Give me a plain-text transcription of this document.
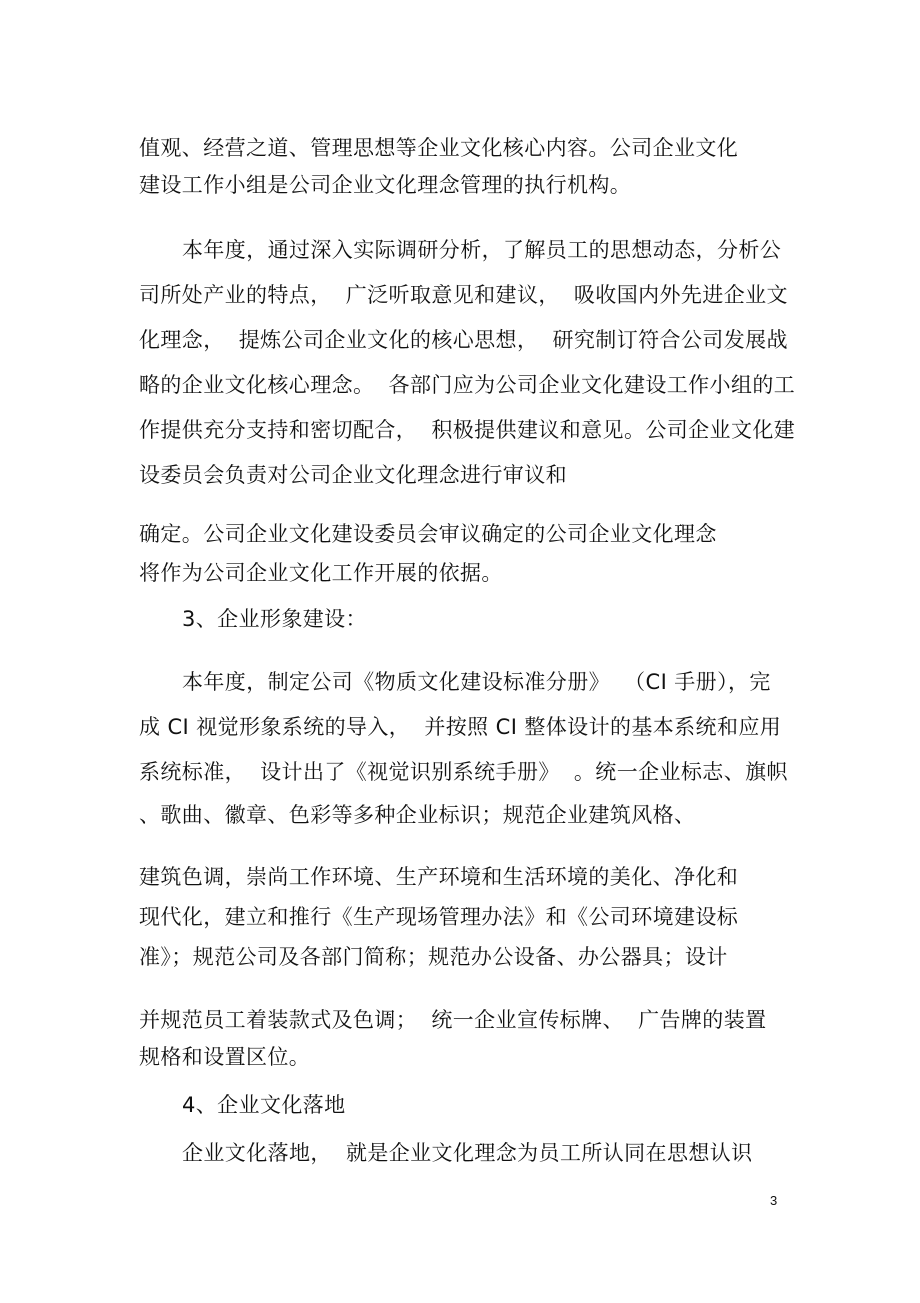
值观、经营之道、管理思想等企业文化核心内容。公司企业文化
建设工作小组是公司企业文化理念管理的执行机构。
本年度，通过深入实际调研分析，了解员工的思想动态，分析公
司所处产业的特点，  广泛听取意见和建议，  吸收国内外先进企业文
化理念，  提炼公司企业文化的核心思想，  研究制订符合公司发展战
略的企业文化核心理念。  各部门应为公司企业文化建设工作小组的工
作提供充分支持和密切配合，  积极提供建议和意见。公司企业文化建
设委员会负责对公司企业文化理念进行审议和
确定。公司企业文化建设委员会审议确定的公司企业文化理念
将作为公司企业文化工作开展的依据。
3、企业形象建设：
本年度，制定公司《物质文化建设标准分册》  （CI 手册），完
成 CI 视觉形象系统的导入，  并按照 CI 整体设计的基本系统和应用
系统标准，  设计出了《视觉识别系统手册》  。统一企业标志、旗帜
、歌曲、徽章、色彩等多种企业标识；规范企业建筑风格、
建筑色调，崇尚工作环境、生产环境和生活环境的美化、净化和
现代化，建立和推行《生产现场管理办法》和《公司环境建设标
准》；规范公司及各部门简称；规范办公设备、办公器具；设计
并规范员工着装款式及色调；  统一企业宣传标牌、  广告牌的装置
规格和设置区位。
4、企业文化落地
企业文化落地，  就是企业文化理念为员工所认同在思想认识
3
